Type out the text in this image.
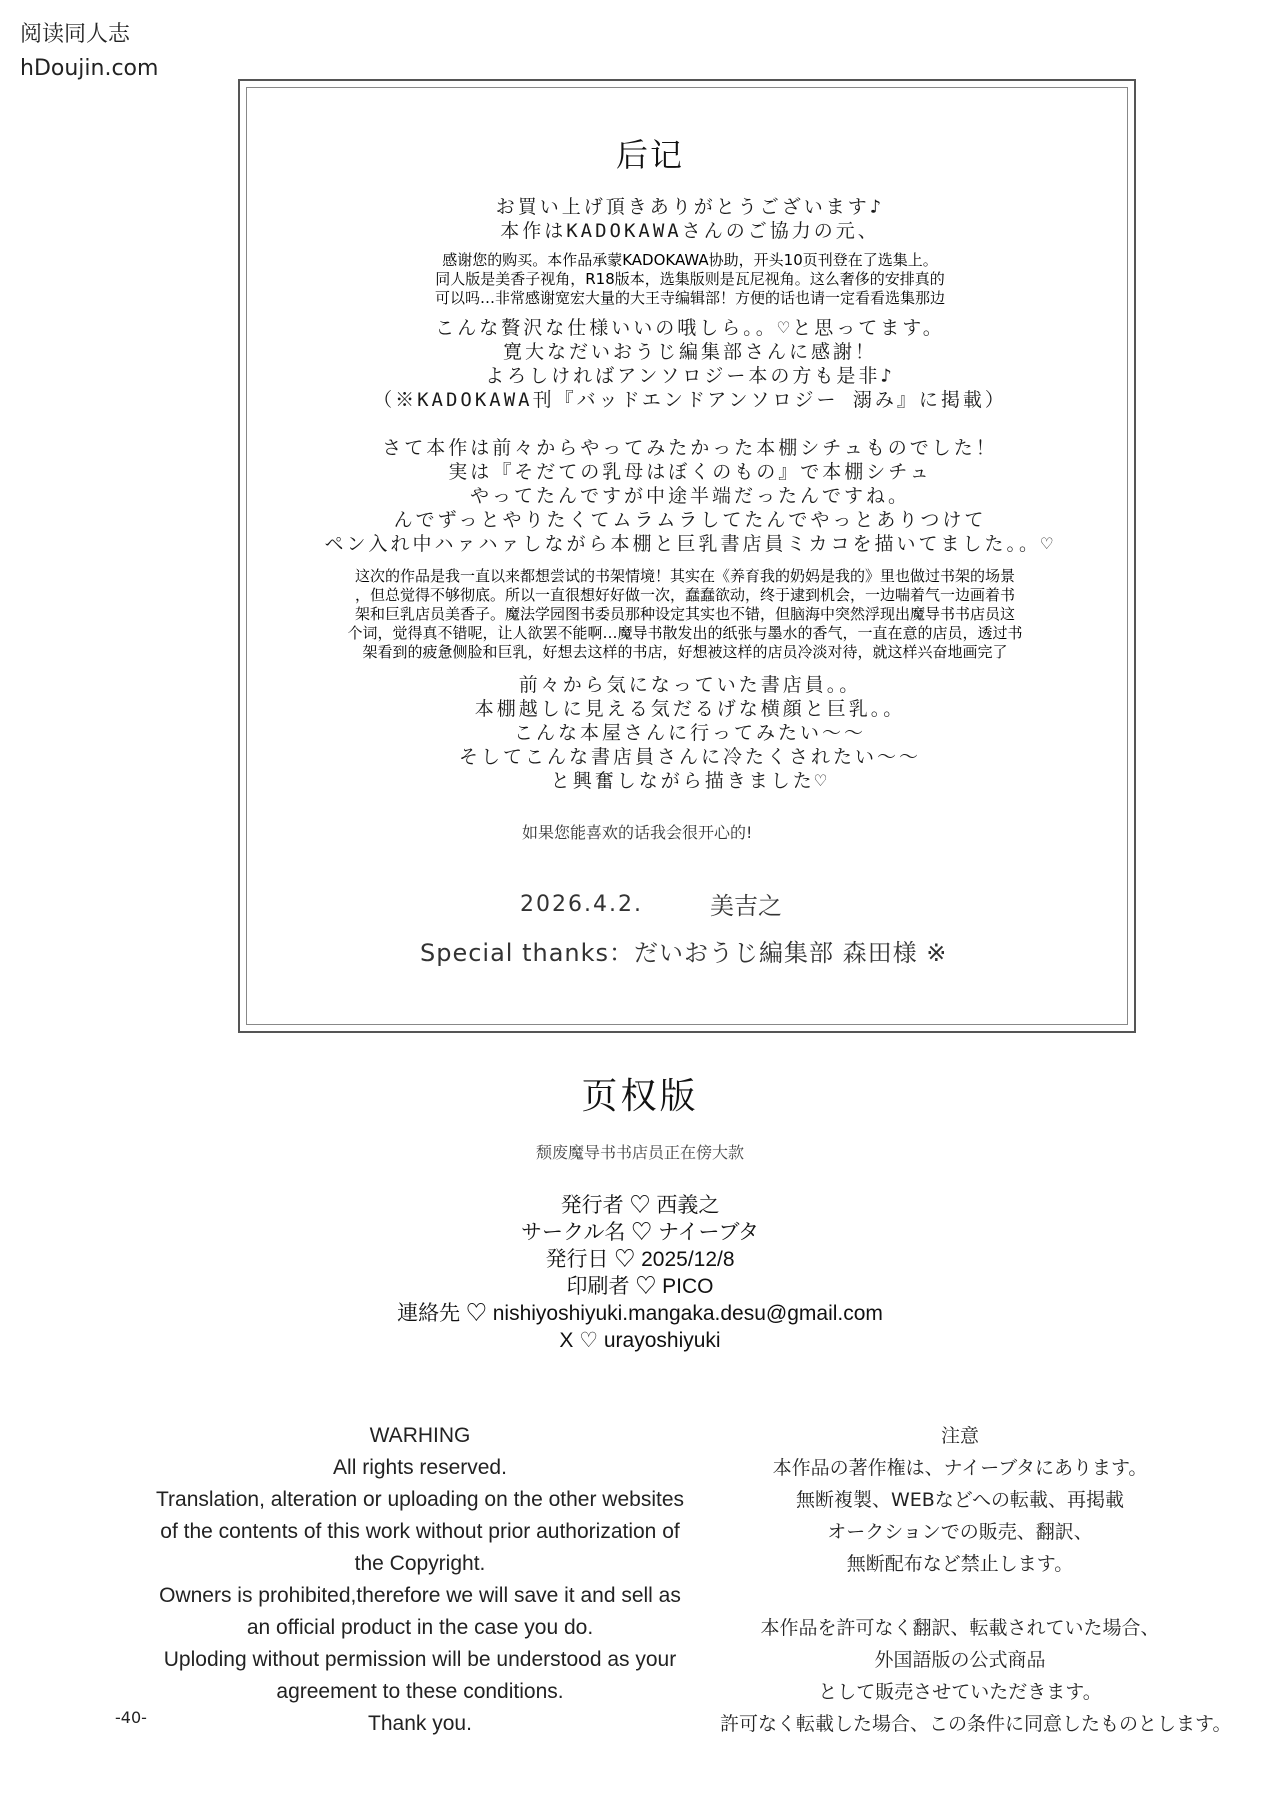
阅读同人志
hDoujin.com
后记
お買い上げ頂きありがとうございます♪
本作はKADOKAWAさんのご協力の元、
感谢您的购买。本作品承蒙KADOKAWA协助，开头10页刊登在了选集上。
同人版是美香子视角，R18版本，选集版则是瓦尼视角。这么奢侈的安排真的
可以吗…非常感谢宽宏大量的大王寺编辑部！方便的话也请一定看看选集那边
こんな贅沢な仕様いいの哦しら。。♡と思ってます。
寛大なだいおうじ編集部さんに感謝！
よろしければアンソロジー本の方も是非♪
（※KADOKAWA刊『バッドエンドアンソロジー 溺み』に掲載）
さて本作は前々からやってみたかった本棚シチュものでした！
実は『そだての乳母はぼくのもの』で本棚シチュ
やってたんですが中途半端だったんですね。
んでずっとやりたくてムラムラしてたんでやっとありつけて
ペン入れ中ハァハァしながら本棚と巨乳書店員ミカコを描いてました。。♡
这次的作品是我一直以来都想尝试的书架情境！其实在《养育我的奶妈是我的》里也做过书架的场景
，但总觉得不够彻底。所以一直很想好好做一次，蠢蠢欲动，终于逮到机会，一边喘着气一边画着书
架和巨乳店员美香子。魔法学园图书委员那种设定其实也不错，但脑海中突然浮现出魔导书书店员这
个词，觉得真不错呢，让人欲罢不能啊…魔导书散发出的纸张与墨水的香气，一直在意的店员，透过书
架看到的疲惫侧脸和巨乳，好想去这样的书店，好想被这样的店员冷淡对待，就这样兴奋地画完了
前々から気になっていた書店員。。
本棚越しに見える気だるげな横顔と巨乳。。
こんな本屋さんに行ってみたい～～
そしてこんな書店員さんに冷たくされたい～～
と興奮しながら描きました♡
如果您能喜欢的话我会很开心的!
2026.4.2.	美吉之
Special thanks：だいおうじ編集部 森田様 ※
页权版
颓废魔导书书店员正在傍大款
発行者 ♡ 西義之
サークル名 ♡ ナイーブタ
発行日 ♡ 2025/12/8
印刷者 ♡ PICO
連絡先 ♡ nishiyoshiyuki.mangaka.desu@gmail.com
X ♡ urayoshiyuki
WARHING
All rights reserved.
Translation, alteration or uploading on the other websites
of the contents of this work without prior authorization of
the Copyright.
Owners is prohibited,therefore we will save it and sell as
an official product in the case you do.
Uploding without permission will be understood as your
agreement to these conditions.
Thank you.
注意
本作品の著作権は、ナイーブタにあります。
無断複製、WEBなどへの転載、再掲載
オークションでの販売、翻訳、
無断配布など禁止します。
本作品を許可なく翻訳、転載されていた場合、
外国語版の公式商品
として販売させていただきます。
許可なく転載した場合、この条件に同意したものとします。
-40-
